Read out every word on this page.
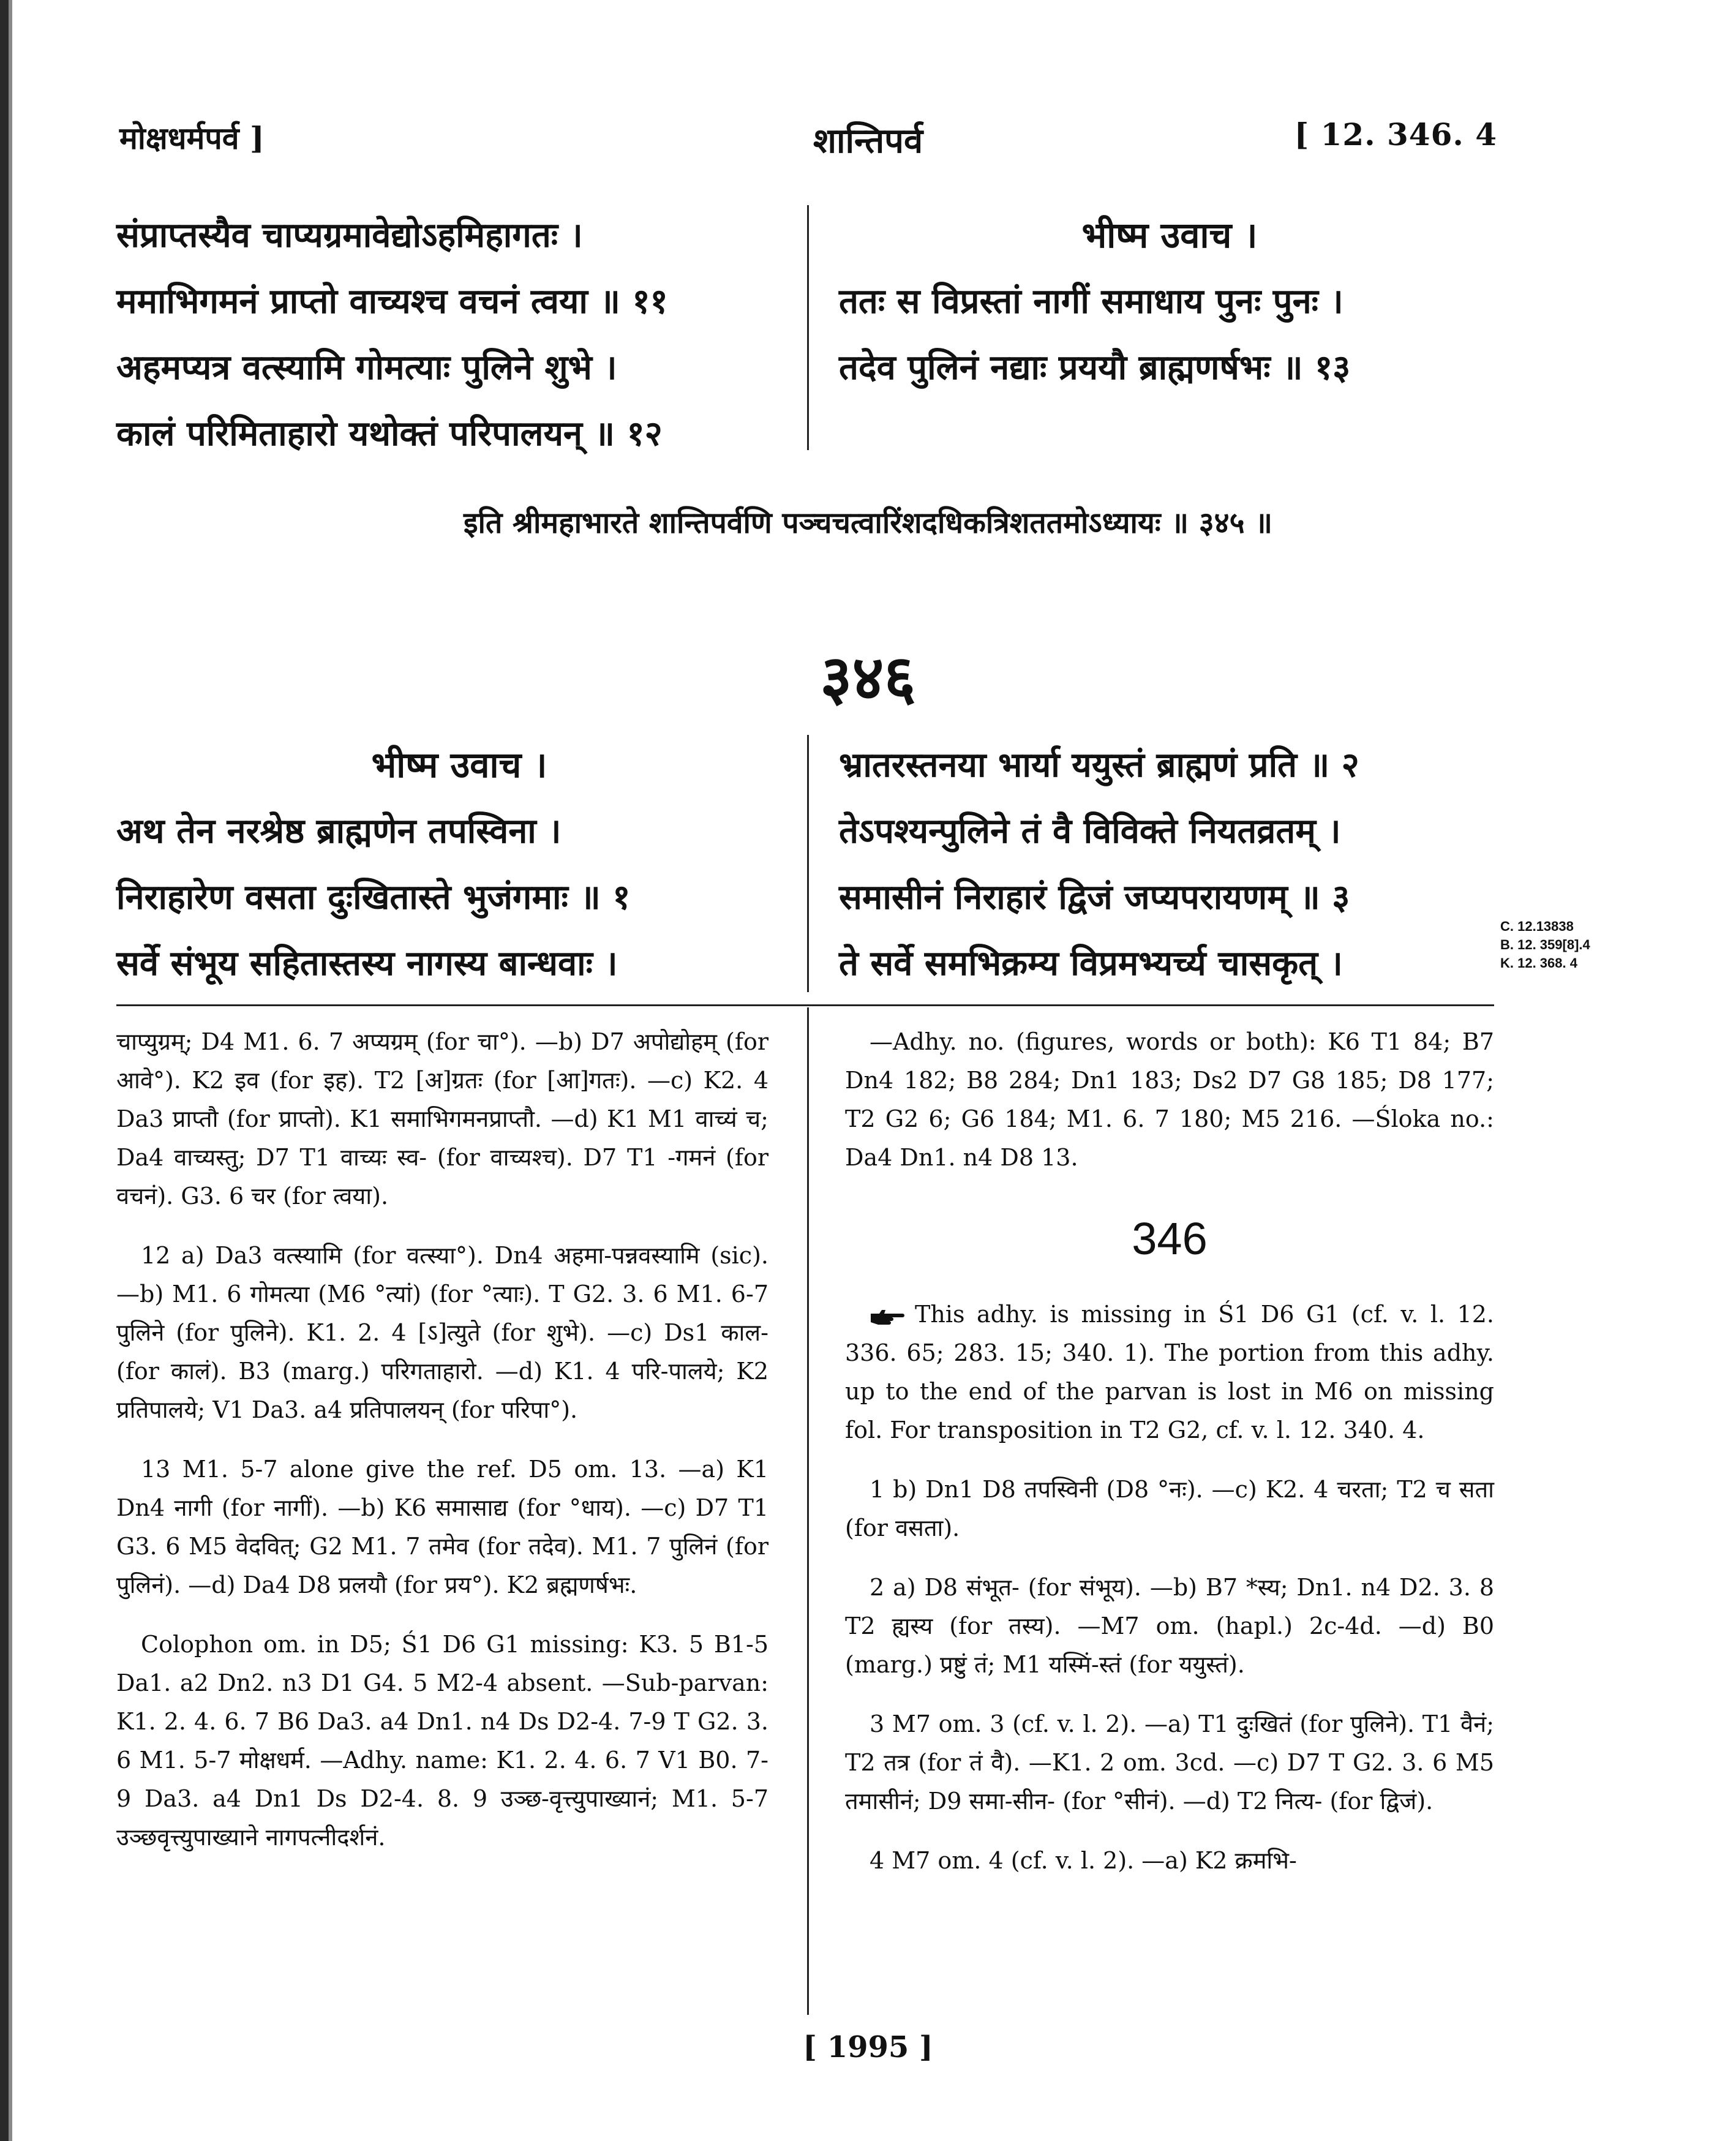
मोक्षधर्मपर्व ]	शान्तिपर्व	[ 12. 346. 4
संप्राप्तस्यैव चाप्यग्रमावेद्योऽहमिहागतः ।
ममाभिगमनं प्राप्तो वाच्यश्च वचनं त्वया ॥ ११
अहमप्यत्र वत्स्यामि गोमत्याः पुलिने शुभे ।
कालं परिमिताहारो यथोक्तं परिपालयन् ॥ १२
भीष्म उवाच ।
ततः स विप्रस्तां नागीं समाधाय पुनः पुनः ।
तदेव पुलिनं नद्याः प्रययौ ब्राह्मणर्षभः ॥ १३
इति श्रीमहाभारते शान्तिपर्वणि पञ्चचत्वारिंशदधिकत्रिशततमोऽध्यायः ॥ ३४५ ॥
३४६
भीष्म उवाच ।
अथ तेन नरश्रेष्ठ ब्राह्मणेन तपस्विना ।
निराहारेण वसता दुःखितास्ते भुजंगमाः ॥ १
सर्वे संभूय सहितास्तस्य नागस्य बान्धवाः ।
भ्रातरस्तनया भार्या ययुस्तं ब्राह्मणं प्रति ॥ २
तेऽपश्यन्पुलिने तं वै विविक्ते नियतव्रतम् ।
समासीनं निराहारं द्विजं जप्यपरायणम् ॥ ३
ते सर्वे समभिक्रम्य विप्रमभ्यर्च्य चासकृत् ।
C. 12.13838
B. 12. 359[8].4
K. 12. 368. 4

चाप्युग्रम्; D4 M1. 6. 7 अप्यग्रम् (for चा°). —b) D7 अपोद्योहम् (for आवे°). K2 इव (for इह). T2 [अ]ग्रतः (for [आ]गतः). —c) K2. 4 Da3 प्राप्तौ (for प्राप्तो). K1 समाभिगमनप्राप्तौ. —d) K1 M1 वाच्यं च; Da4 वाच्यस्तु; D7 T1 वाच्यः स्व- (for वाच्यश्च). D7 T1 -गमनं (for वचनं). G3. 6 चर (for त्वया).

12 a) Da3 वत्स्यामि (for वत्स्या°). Dn4 अहमा-पन्नवस्यामि (sic). —b) M1. 6 गोमत्या (M6 °त्यां) (for °त्याः). T G2. 3. 6 M1. 6-7 पुलिने (for पुलिने). K1. 2. 4 [ऽ]त्युते (for शुभे). —c) Ds1 काल- (for कालं). B3 (marg.) परिगताहारो. —d) K1. 4 परि-पालये; K2 प्रतिपालये; V1 Da3. a4 प्रतिपालयन् (for परिपा°).

13 M1. 5-7 alone give the ref. D5 om. 13. —a) K1 Dn4 नागी (for नागीं). —b) K6 समासाद्य (for °धाय). —c) D7 T1 G3. 6 M5 वेदवित्; G2 M1. 7 तमेव (for तदेव). M1. 7 पुलिनं (for पुलिनं). —d) Da4 D8 प्रलयौ (for प्रय°). K2 ब्रह्मणर्षभः.

Colophon om. in D5; Ś1 D6 G1 missing: K3. 5 B1-5 Da1. a2 Dn2. n3 D1 G4. 5 M2-4 absent. —Sub-parvan: K1. 2. 4. 6. 7 B6 Da3. a4 Dn1. n4 Ds D2-4. 7-9 T G2. 3. 6 M1. 5-7 मोक्षधर्म. —Adhy. name: K1. 2. 4. 6. 7 V1 B0. 7-9 Da3. a4 Dn1 Ds D2-4. 8. 9 उञ्छ-वृत्त्युपाख्यानं; M1. 5-7 उञ्छवृत्त्युपाख्याने नागपत्नीदर्शनं.

—Adhy. no. (figures, words or both): K6 T1 84; B7 Dn4 182; B8 284; Dn1 183; Ds2 D7 G8 185; D8 177; T2 G2 6; G6 184; M1. 6. 7 180; M5 216. —Śloka no.: Da4 Dn1. n4 D8 13.

346

This adhy. is missing in Ś1 D6 G1 (cf. v. l. 12. 336. 65; 283. 15; 340. 1). The portion from this adhy. up to the end of the parvan is lost in M6 on missing fol. For transposition in T2 G2, cf. v. l. 12. 340. 4.

1 b) Dn1 D8 तपस्विनी (D8 °नः). —c) K2. 4 चरता; T2 च सता (for वसता).

2 a) D8 संभूत- (for संभूय). —b) B7 *स्य; Dn1. n4 D2. 3. 8 T2 ह्यस्य (for तस्य). —M7 om. (hapl.) 2c-4d. —d) B0 (marg.) प्रष्टुं तं; M1 यस्मिं-स्तं (for ययुस्तं).

3 M7 om. 3 (cf. v. l. 2). —a) T1 दुःखितं (for पुलिने). T1 वैनं; T2 तत्र (for तं वै). —K1. 2 om. 3cd. —c) D7 T G2. 3. 6 M5 तमासीनं; D9 समा-सीन- (for °सीनं). —d) T2 नित्य- (for द्विजं).

4 M7 om. 4 (cf. v. l. 2). —a) K2 क्रमभि-

[ 1995 ]
